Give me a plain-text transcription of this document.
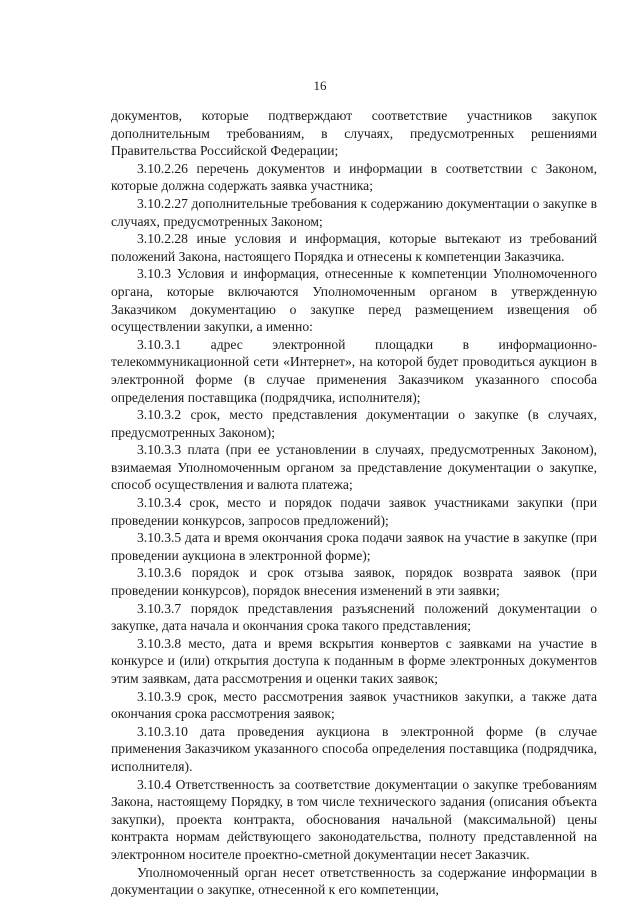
16

документов, которые подтверждают соответствие участников закупок дополнительным требованиям, в случаях, предусмотренных решениями Правительства Российской Федерации;

3.10.2.26 перечень документов и информации в соответствии с Законом, которые должна содержать заявка участника;

3.10.2.27 дополнительные требования к содержанию документации о закупке в случаях, предусмотренных Законом;

3.10.2.28 иные условия и информация, которые вытекают из требований положений Закона, настоящего Порядка и отнесены к компетенции Заказчика.

3.10.3 Условия и информация, отнесенные к компетенции Уполномоченного органа, которые включаются Уполномоченным органом в утвержденную Заказчиком документацию о закупке перед размещением извещения об осуществлении закупки, а именно:

3.10.3.1 адрес электронной площадки в информационно-телекоммуникационной сети «Интернет», на которой будет проводиться аукцион в электронной форме (в случае применения Заказчиком указанного способа определения поставщика (подрядчика, исполнителя);

3.10.3.2 срок, место представления документации о закупке (в случаях, предусмотренных Законом);

3.10.3.3 плата (при ее установлении в случаях, предусмотренных Законом), взимаемая Уполномоченным органом за представление документации о закупке, способ осуществления и валюта платежа;

3.10.3.4 срок, место и порядок подачи заявок участниками закупки (при проведении конкурсов, запросов предложений);

3.10.3.5 дата и время окончания срока подачи заявок на участие в закупке (при проведении аукциона в электронной форме);

3.10.3.6 порядок и срок отзыва заявок, порядок возврата заявок (при проведении конкурсов), порядок внесения изменений в эти заявки;

3.10.3.7 порядок представления разъяснений положений документации о закупке, дата начала и окончания срока такого представления;

3.10.3.8 место, дата и время вскрытия конвертов с заявками на участие в конкурсе и (или) открытия доступа к поданным в форме электронных документов этим заявкам, дата рассмотрения и оценки таких заявок;

3.10.3.9 срок, место рассмотрения заявок участников закупки, а также дата окончания срока рассмотрения заявок;

3.10.3.10 дата проведения аукциона в электронной форме (в случае применения Заказчиком указанного способа определения поставщика (подрядчика, исполнителя).

3.10.4 Ответственность за соответствие документации о закупке требованиям Закона, настоящему Порядку, в том числе технического задания (описания объекта закупки), проекта контракта, обоснования начальной (максимальной) цены контракта нормам действующего законодательства, полноту представленной на электронном носителе проектно-сметной документации несет Заказчик.

Уполномоченный орган несет ответственность за содержание информации в документации о закупке, отнесенной к его компетенции,
